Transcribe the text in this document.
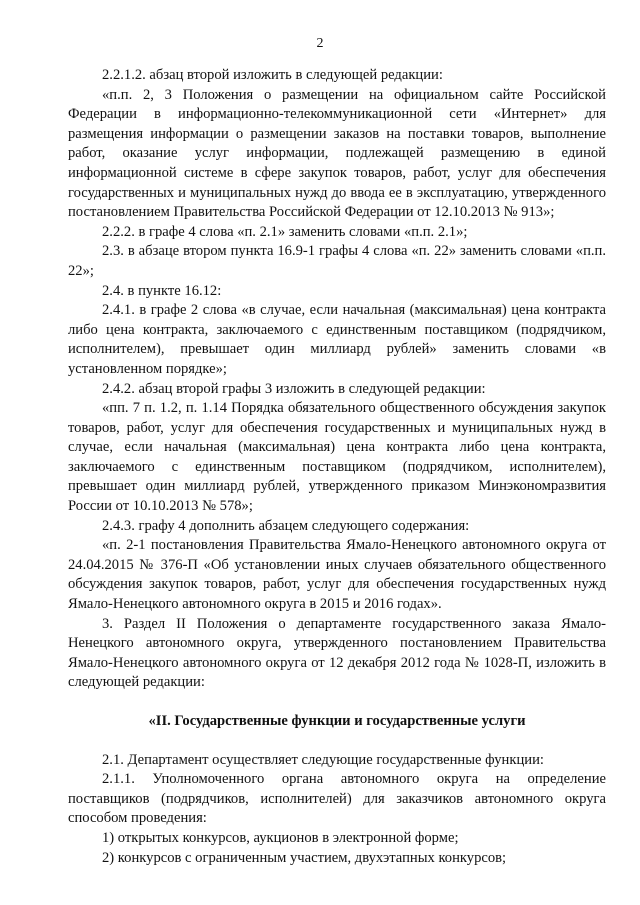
2

2.2.1.2. абзац второй изложить в следующей редакции:

«п.п. 2, 3 Положения о размещении на официальном сайте Российской Федерации в информационно-телекоммуникационной сети «Интернет» для размещения информации о размещении заказов на поставки товаров, выполнение работ, оказание услуг информации, подлежащей размещению в единой информационной системе в сфере закупок товаров, работ, услуг для обеспечения государственных и муниципальных нужд до ввода ее в эксплуатацию, утвержденного постановлением Правительства Российской Федерации от 12.10.2013 № 913»;

2.2.2. в графе 4 слова «п. 2.1» заменить словами «п.п. 2.1»;

2.3. в абзаце втором пункта 16.9-1 графы 4 слова «п. 22» заменить словами «п.п. 22»;

2.4. в пункте 16.12:

2.4.1. в графе 2 слова «в случае, если начальная (максимальная) цена контракта либо цена контракта, заключаемого с единственным поставщиком (подрядчиком, исполнителем), превышает один миллиард рублей» заменить словами «в установленном порядке»;

2.4.2. абзац второй графы 3 изложить в следующей редакции:

«пп. 7 п. 1.2, п. 1.14 Порядка обязательного общественного обсуждения закупок товаров, работ, услуг для обеспечения государственных и муниципальных нужд в случае, если начальная (максимальная) цена контракта либо цена контракта, заключаемого с единственным поставщиком (подрядчиком, исполнителем), превышает один миллиард рублей, утвержденного приказом Минэкономразвития России от 10.10.2013 № 578»;

2.4.3. графу 4 дополнить абзацем следующего содержания:

«п. 2-1 постановления Правительства Ямало-Ненецкого автономного округа от 24.04.2015 № 376-П «Об установлении иных случаев обязательного общественного обсуждения закупок товаров, работ, услуг для обеспечения государственных нужд Ямало-Ненецкого автономного округа в 2015 и 2016 годах».

3. Раздел II Положения о департаменте государственного заказа Ямало-Ненецкого автономного округа, утвержденного постановлением Правительства Ямало-Ненецкого автономного округа от 12 декабря 2012 года № 1028-П, изложить в следующей редакции:

«II. Государственные функции и государственные услуги

2.1. Департамент осуществляет следующие государственные функции:

2.1.1. Уполномоченного органа автономного округа на определение поставщиков (подрядчиков, исполнителей) для заказчиков автономного округа способом проведения:

1) открытых конкурсов, аукционов в электронной форме;

2) конкурсов с ограниченным участием, двухэтапных конкурсов;
